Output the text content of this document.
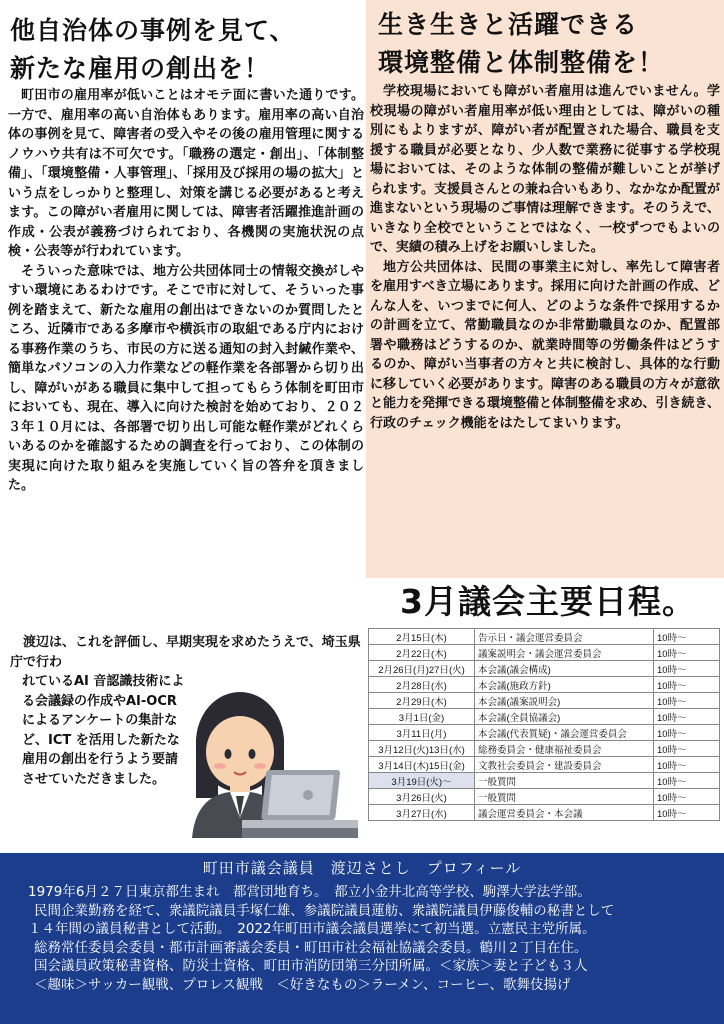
他自治体の事例を見て、
新たな雇用の創出を！

町田市の雇用率が低いことはオモテ面に書いた通りです。一方で、雇用率の高い自治体もあります。雇用率の高い自治体の事例を見て、障害者の受入やその後の雇用管理に関するノウハウ共有は不可欠です。「職務の選定・創出」、「体制整備」、「環境整備・人事管理」、「採用及び採用の場の拡大」という点をしっかりと整理し、対策を講じる必要があると考えます。この障がい者雇用に関しては、障害者活躍推進計画の作成・公表が義務づけられており、各機関の実施状況の点検・公表等が行われています。

そういった意味では、地方公共団体同士の情報交換がしやすい環境にあるわけです。そこで市に対して、そういった事例を踏まえて、新たな雇用の創出はできないのか質問したところ、近隣市である多摩市や横浜市の取組である庁内における事務作業のうち、市民の方に送る通知の封入封緘作業や、簡単なパソコンの入力作業などの軽作業を各部署から切り出し、障がいがある職員に集中して担ってもらう体制を町田市においても、現在、導入に向けた検討を始めており、２０２３年１０月には、各部署で切り出し可能な軽作業がどれくらいあるのかを確認するための調査を行っており、この体制の実現に向けた取り組みを実施していく旨の答弁を頂きました。

渡辺は、これを評価し、早期実現を求めたうえで、埼玉県庁で行わ
れているAI 音認識技術による会議録の作成やAI-OCR によるアンケートの集計など、ICT を活用した新たな雇用の創出を行うよう要請させていただきました。
生き生きと活躍できる
環境整備と体制整備を！

学校現場においても障がい者雇用は進んでいません。学校現場の障がい者雇用率が低い理由としては、障がいの種別にもよりますが、障がい者が配置された場合、職員を支援する職員が必要となり、少人数で業務に従事する学校現場においては、そのような体制の整備が難しいことが挙げられます。支援員さんとの兼ね合いもあり、なかなか配置が進まないという現場のご事情は理解できます。そのうえで、いきなり全校でということではなく、一校ずつでもよいので、実績の積み上げをお願いしました。

地方公共団体は、民間の事業主に対し、率先して障害者を雇用すべき立場にあります。採用に向けた計画の作成、どんな人を、いつまでに何人、どのような条件で採用するかの計画を立て、常勤職員なのか非常勤職員なのか、配置部署や職務はどうするのか、就業時間等の労働条件はどうするのか、障がい当事者の方々と共に検討し、具体的な行動に移していく必要があります。障害のある職員の方々が意欲と能力を発揮できる環境整備と体制整備を求め、引き続き、行政のチェック機能をはたしてまいります。

3月議会主要日程。
2月15日(木)	告示日・議会運営委員会	10時～
2月22日(木)	議案説明会・議会運営委員会	10時～
2月26日(月)27日(火)	本会議(議会構成)	10時～
2月28日(水)	本会議(施政方針)	10時～
2月29日(木)	本会議(議案説明会)	10時～
3月1日(金)	本会議(全員協議会)	10時～
3月11日(月)	本会議(代表質疑)・議会運営委員会	10時～
3月12日(火)13日(水)	総務委員会・健康福祉委員会	10時～
3月14日(木)15日(金)	文教社会委員会・建設委員会	10時～
3月19日(火)～	一般質問	10時～
3月26日(火)	一般質問	10時～
3月27日(水)	議会運営委員会・本会議	10時～
町田市議会議員　渡辺さとし　プロフィール
1979年6月２７日東京都生まれ　都営団地育ち。　都立小金井北高等学校、駒澤大学法学部。
民間企業勤務を経て、衆議院議員手塚仁雄、参議院議員蓮舫、衆議院議員伊藤俊輔の秘書として
１４年間の議員秘書として活動。　2022年町田市議会議員選挙にて初当選。立憲民主党所属。
総務常任委員会委員・都市計画審議会委員・町田市社会福祉協議会委員。鶴川２丁目在住。
国会議員政策秘書資格、防災士資格、町田市消防団第三分団所属。＜家族＞妻と子ども３人
＜趣味＞サッカー観戦、プロレス観戦　＜好きなもの＞ラーメン、コーヒー、歌舞伎揚げ
